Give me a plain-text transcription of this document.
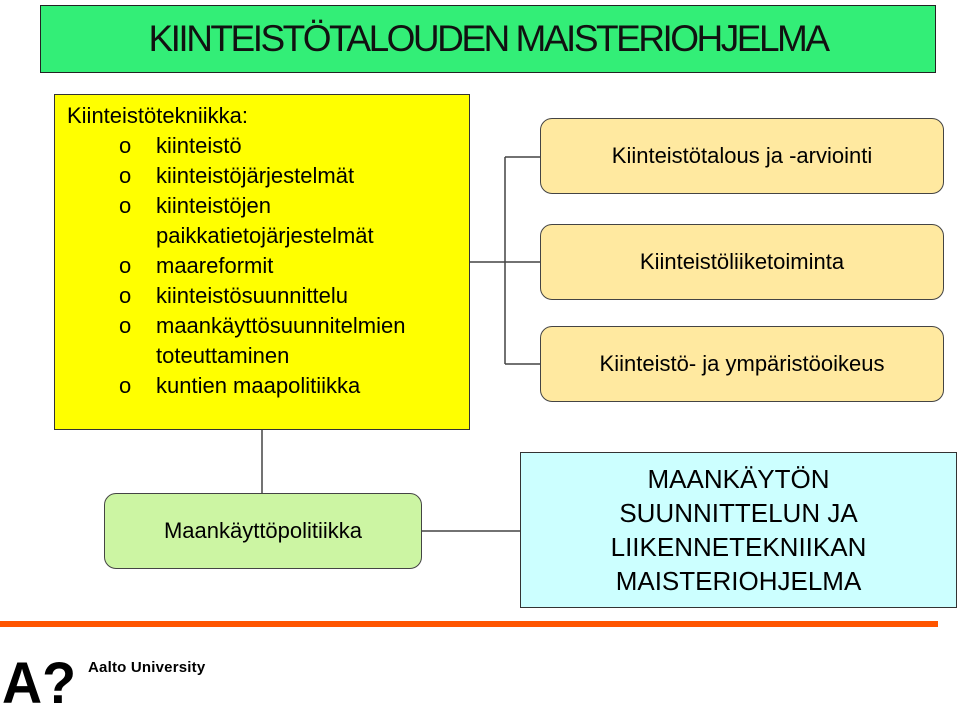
KIINTEISTÖTALOUDEN MAISTERIOHJELMA
Kiinteistötekniikka:
o kiinteistö
o kiinteistöjärjestelmät
o kiinteistöjen
paikkatietojärjestelmät
o maareformit
o kiinteistösuunnittelu
o maankäyttösuunnitelmien
toteuttaminen
o kuntien maapolitiikka
Kiinteistötalous ja -arviointi
Kiinteistöliiketoiminta
Kiinteistö- ja ympäristöoikeus
Maankäyttöpolitiikka
MAANKÄYTÖN
SUUNNITTELUN JA
LIIKENNETEKNIIKAN
MAISTERIOHJELMA
A? Aalto University
